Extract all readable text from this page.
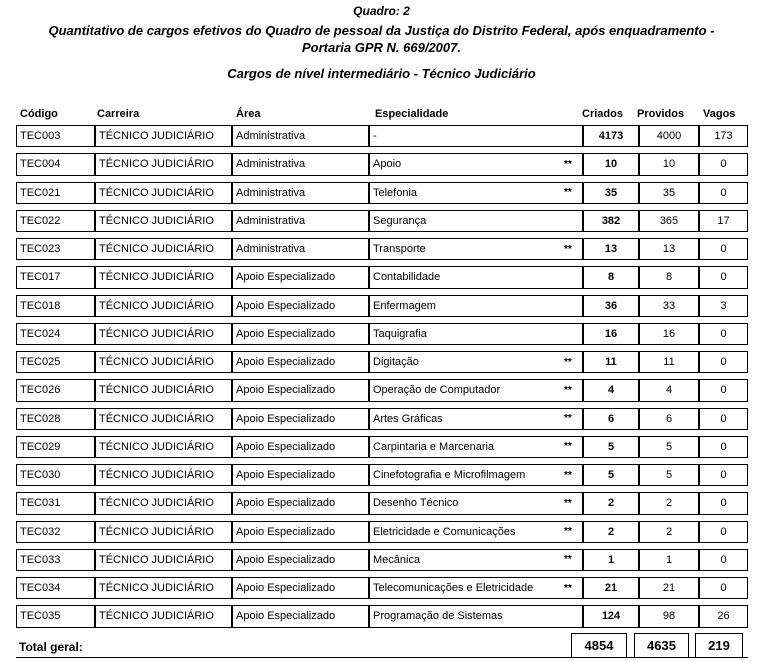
Quadro: 2
Quantitativo de cargos efetivos do Quadro de pessoal da Justiça do Distrito Federal, após enquadramento -
Portaria GPR N. 669/2007.
Cargos de nível intermediário - Técnico Judiciário
Código	Carreira	Área	Especialidade	Criados Providos Vagos
TEC003	TÉCNICO JUDICIÁRIO	Administrativa	-	4173	4000	173
TEC004	TÉCNICO JUDICIÁRIO	Administrativa	Apoio	**	10	10	0
TEC021	TÉCNICO JUDICIÁRIO	Administrativa	Telefonia	**	35	35	0
TEC022	TÉCNICO JUDICIÁRIO	Administrativa	Segurança	382	365	17
TEC023	TÉCNICO JUDICIÁRIO	Administrativa	Transporte	**	13	13	0
TEC017	TÉCNICO JUDICIÁRIO	Apoio Especializado	Contabilidade	8	8	0
TEC018	TÉCNICO JUDICIÁRIO	Apoio Especializado	Enfermagem	36	33	3
TEC024	TÉCNICO JUDICIÁRIO	Apoio Especializado	Taquigrafia	16	16	0
TEC025	TÉCNICO JUDICIÁRIO	Apoio Especializado	Digitação	**	11	11	0
TEC026	TÉCNICO JUDICIÁRIO	Apoio Especializado	Operação de Computador	**	4	4	0
TEC028	TÉCNICO JUDICIÁRIO	Apoio Especializado	Artes Gráficas	**	6	6	0
TEC029	TÉCNICO JUDICIÁRIO	Apoio Especializado	Carpintaria e Marcenaria	**	5	5	0
TEC030	TÉCNICO JUDICIÁRIO	Apoio Especializado	Cinefotografia e Microfilmagem	**	5	5	0
TEC031	TÉCNICO JUDICIÁRIO	Apoio Especializado	Desenho Técnico	**	2	2	0
TEC032	TÉCNICO JUDICIÁRIO	Apoio Especializado	Eletricidade e Comunicações	**	2	2	0
TEC033	TÉCNICO JUDICIÁRIO	Apoio Especializado	Mecânica	**	1	1	0
TEC034	TÉCNICO JUDICIÁRIO	Apoio Especializado	Telecomunicações e Eletricidade	**	21	21	0
TEC035	TÉCNICO JUDICIÁRIO	Apoio Especializado	Programação de Sistemas	124	98	26
Total geral:	4854	4635	219
